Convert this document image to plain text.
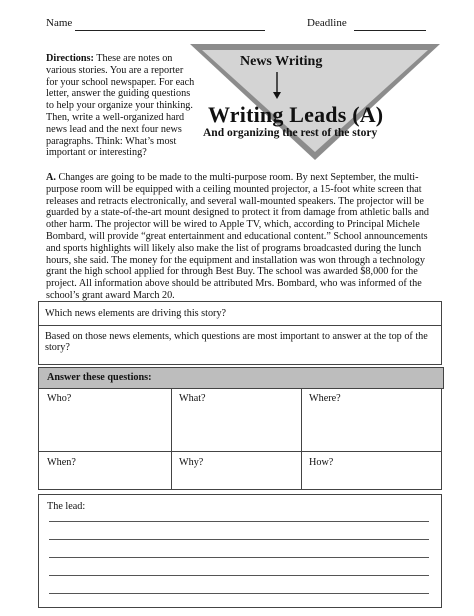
Name	Deadline
Directions: These are notes on various stories. You are a reporter for your school newspaper. For each letter, answer the guiding questions to help your organize your thinking. Then, write a well-organized hard news lead and the next four news paragraphs. Think: What’s most important or interesting?
News Writing
Writing Leads (A)
And organizing the rest of the story
A. Changes are going to be made to the multi-purpose room. By next September, the multi-purpose room will be equipped with a ceiling mounted projector, a 15-foot white screen that releases and retracts electronically, and several wall-mounted speakers. The projector will be guarded by a state-of-the-art mount designed to protect it from damage from athletic balls and other harm. The projector will be wired to Apple TV, which, according to Principal Michele Bombard, will provide “great entertainment and educational content.” School announcements and sports highlights will likely also make the list of programs broadcasted during the lunch hours, she said. The money for the equipment and installation was won through a technology grant the high school applied for through Best Buy. The school was awarded $8,000 for the project. All information above should be attributed Mrs. Bombard, who was informed of the school’s grant award March 20.
Which news elements are driving this story?
Based on those news elements, which questions are most important to answer at the top of the story?
Answer these questions:
Who?	What?	Where?
When?	Why?	How?
The lead:
